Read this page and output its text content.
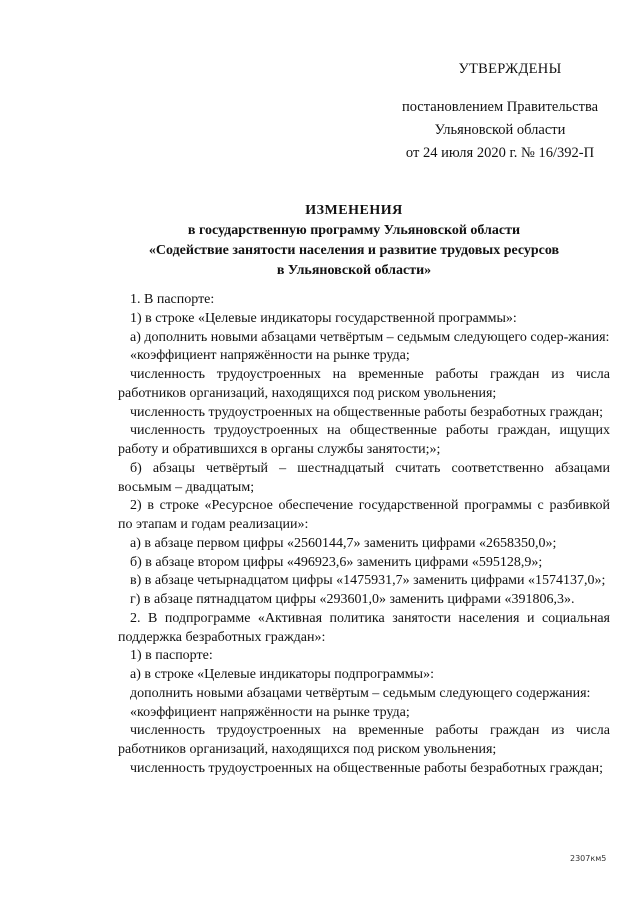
УТВЕРЖДЕНЫ
постановлением Правительства
Ульяновской области
от 24 июля 2020 г. № 16/392-П
ИЗМЕНЕНИЯ
в государственную программу Ульяновской области
«Содействие занятости населения и развитие трудовых ресурсов
в Ульяновской области»

1. В паспорте:

1) в строке «Целевые индикаторы государственной программы»:

а) дополнить новыми абзацами четвёртым – седьмым следующего содер-жания:

«коэффициент напряжённости на рынке труда;

численность трудоустроенных на временные работы граждан из числа работников организаций, находящихся под риском увольнения;

численность трудоустроенных на общественные работы безработных граждан;

численность трудоустроенных на общественные работы граждан, ищущих работу и обратившихся в органы службы занятости;»;

б) абзацы четвёртый – шестнадцатый считать соответственно абзацами восьмым – двадцатым;

2) в строке «Ресурсное обеспечение государственной программы с разбивкой по этапам и годам реализации»:

а) в абзаце первом цифры «2560144,7» заменить цифрами «2658350,0»;

б) в абзаце втором цифры «496923,6» заменить цифрами «595128,9»;

в) в абзаце четырнадцатом цифры «1475931,7» заменить цифрами «1574137,0»;

г) в абзаце пятнадцатом цифры «293601,0» заменить цифрами «391806,3».

2. В подпрограмме «Активная политика занятости населения и социальная поддержка безработных граждан»:

1) в паспорте:

а) в строке «Целевые индикаторы подпрограммы»:

дополнить новыми абзацами четвёртым – седьмым следующего содержания:

«коэффициент напряжённости на рынке труда;

численность трудоустроенных на временные работы граждан из числа работников организаций, находящихся под риском увольнения;

численность трудоустроенных на общественные работы безработных граждан;

2307км5
